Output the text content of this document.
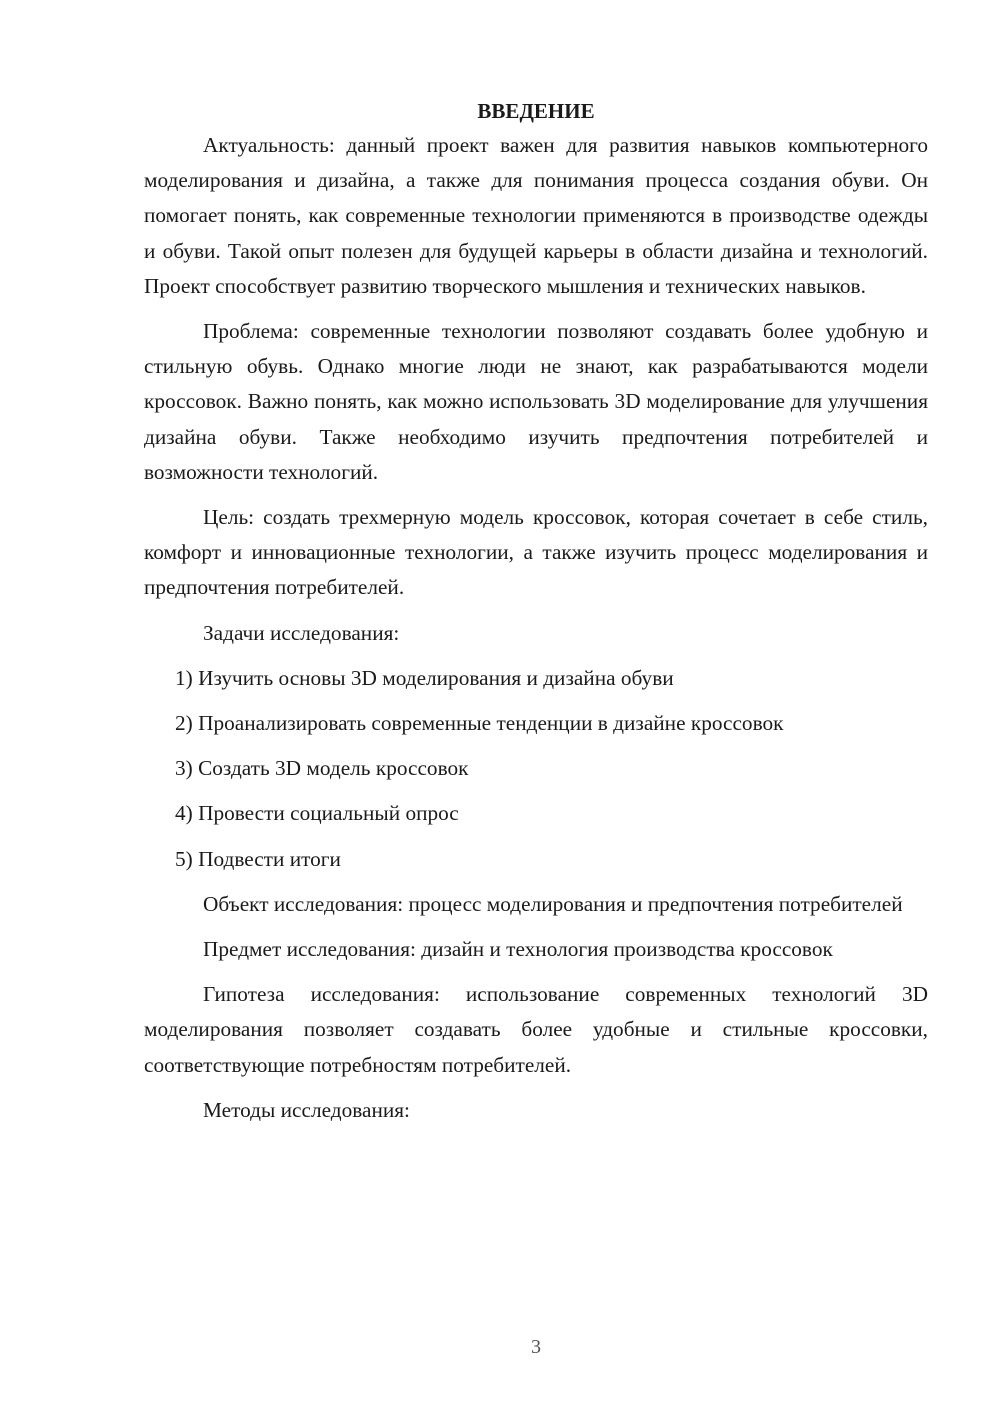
ВВЕДЕНИЕ

Актуальность: данный проект важен для развития навыков компьютерного моделирования и дизайна, а также для понимания процесса создания обуви. Он помогает понять, как современные технологии применяются в производстве одежды и обуви. Такой опыт полезен для будущей карьеры в области дизайна и технологий. Проект способствует развитию творческого мышления и технических навыков.

Проблема: современные технологии позволяют создавать более удобную и стильную обувь. Однако многие люди не знают, как разрабатываются модели кроссовок. Важно понять, как можно использовать 3D моделирование для улучшения дизайна обуви. Также необходимо изучить предпочтения потребителей и возможности технологий.

Цель: создать трехмерную модель кроссовок, которая сочетает в себе стиль, комфорт и инновационные технологии, а также изучить процесс моделирования и предпочтения потребителей.

Задачи исследования:

1) Изучить основы 3D моделирования и дизайна обуви
2) Проанализировать современные тенденции в дизайне кроссовок
3) Создать 3D модель кроссовок
4) Провести социальный опрос
5) Подвести итоги

Объект исследования: процесс моделирования и предпочтения потребителей

Предмет исследования: дизайн и технология производства кроссовок

Гипотеза исследования: использование современных технологий 3D моделирования позволяет создавать более удобные и стильные кроссовки, соответствующие потребностям потребителей.

Методы исследования:

3
